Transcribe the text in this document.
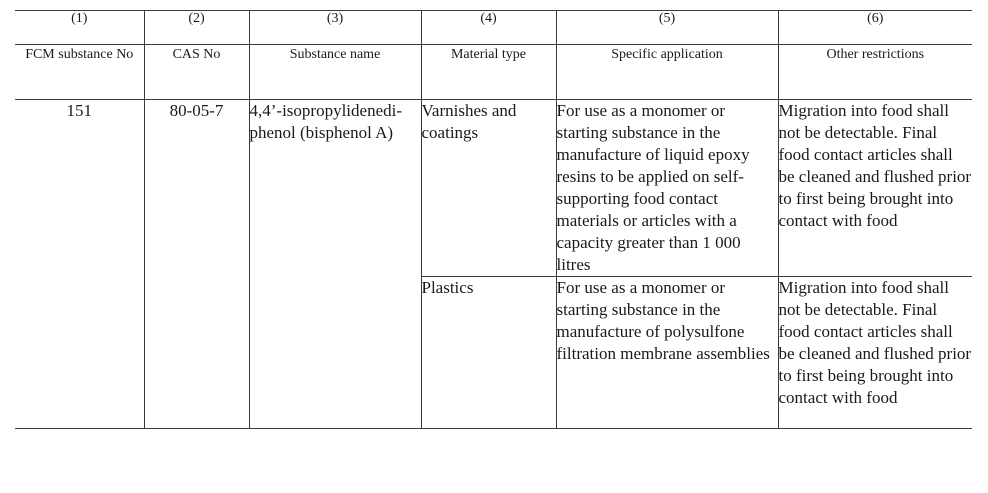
(1)	(2)	(3)	(4)	(5)	(6)
FCM substance No	CAS No	Substance name	Material type	Specific application	Other restrictions
151	80-05-7	4,4’-isopropylidenedi-phenol (bisphenol A)	Varnishes and coatings	For use as a monomer or starting substance in the manufacture of liquid epoxy resins to be applied on self-supporting food contact materials or articles with a capacity greater than 1 000 litres	Migration into food shall not be detectable. Final food contact articles shall be cleaned and flushed prior to first being brought into contact with food
			Plastics	For use as a monomer or starting substance in the manufacture of polysulfone filtration membrane assemblies	Migration into food shall not be detectable. Final food contact articles shall be cleaned and flushed prior to first being brought into contact with food
